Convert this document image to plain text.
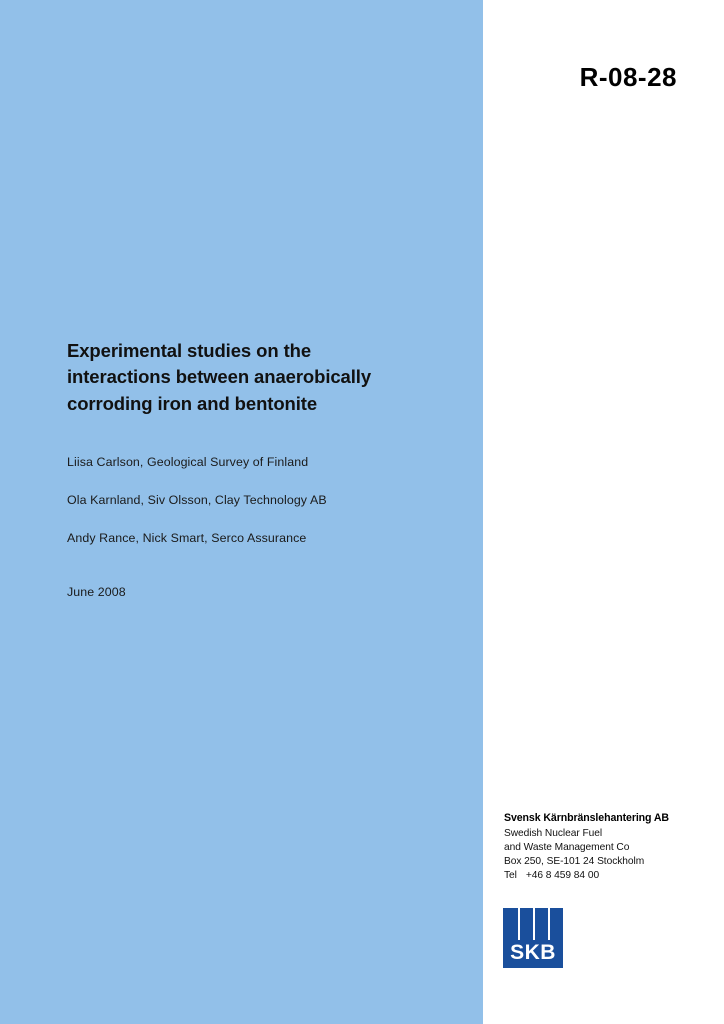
R-08-28
Experimental studies on the
interactions between anaerobically
corroding iron and bentonite

Liisa Carlson, Geological Survey of Finland

Ola Karnland, Siv Olsson, Clay Technology AB

Andy Rance, Nick Smart, Serco Assurance

June 2008

Svensk Kärnbränslehantering AB

Swedish Nuclear Fuel

and Waste Management Co

Box 250, SE-101 24 Stockholm

Tel +46 8 459 84 00

SKB
